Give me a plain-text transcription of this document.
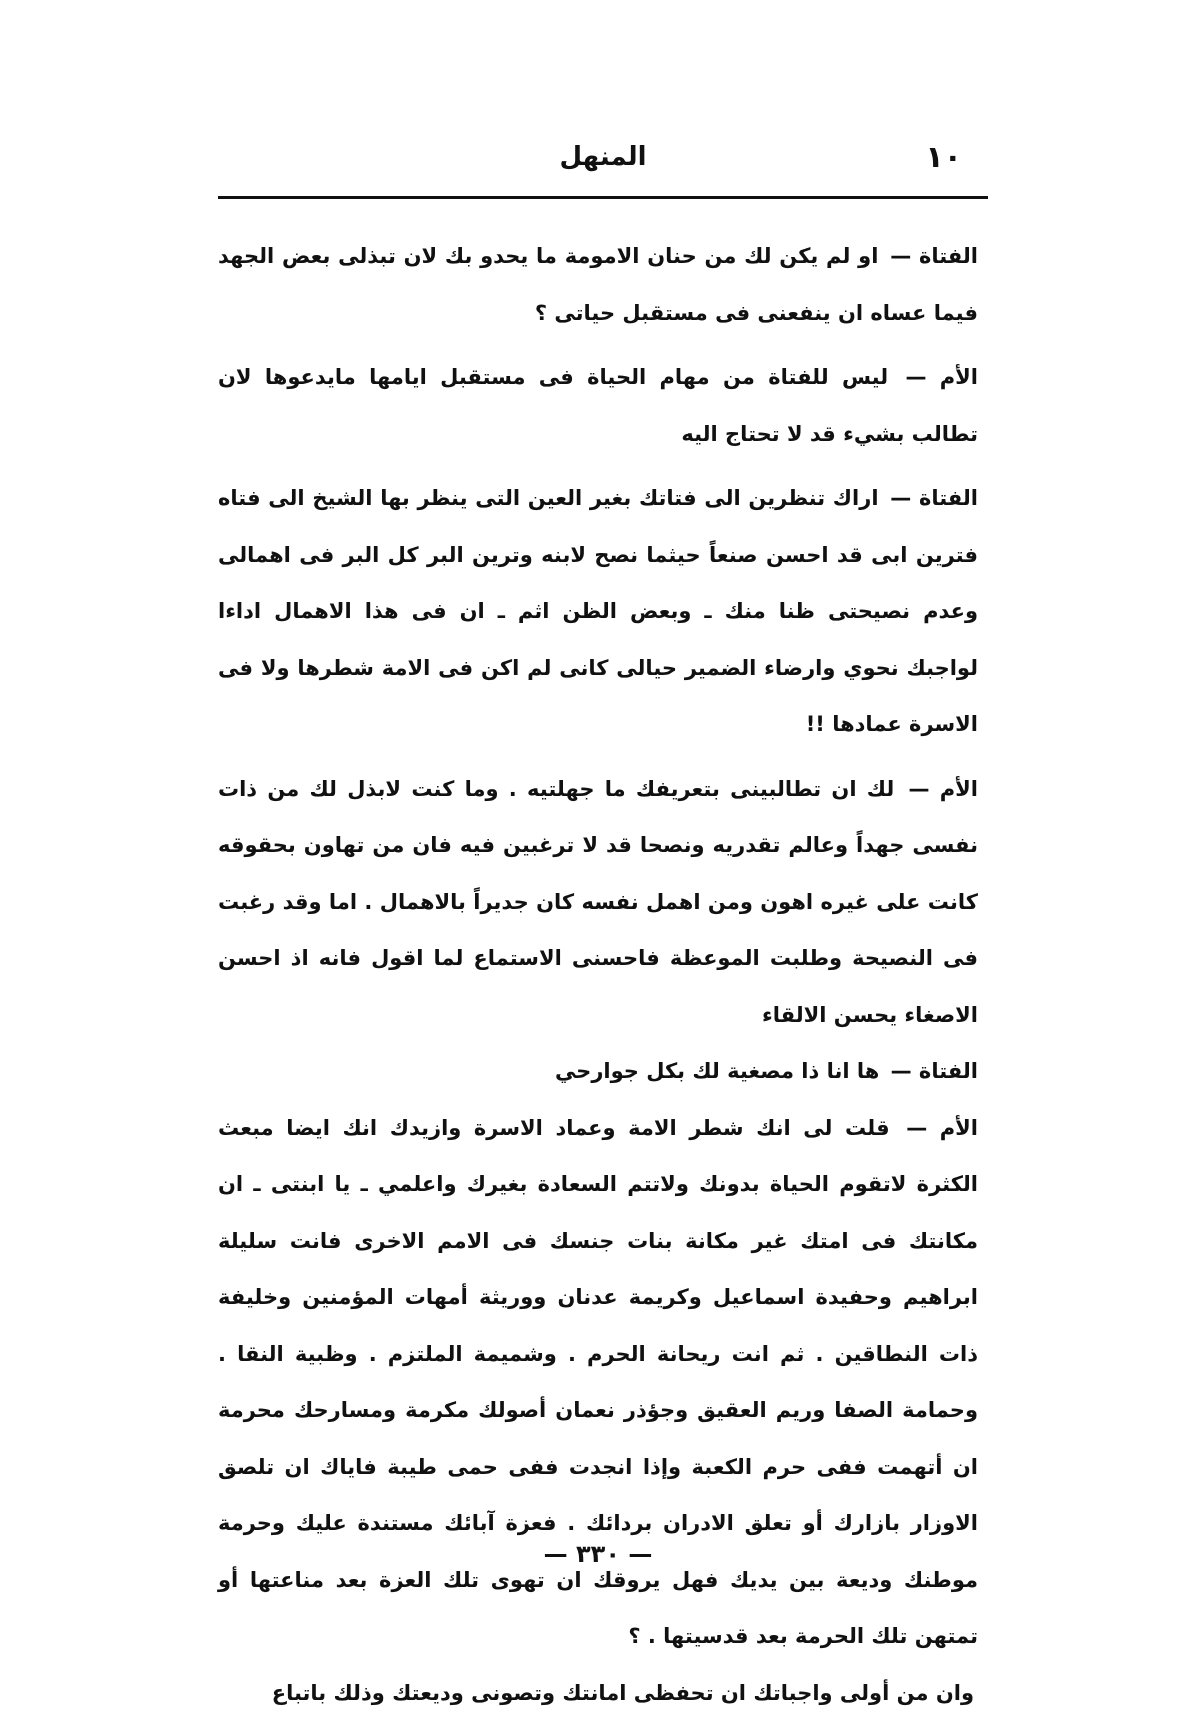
١٠
المنهل

الفتاة — او لم يكن لك من حنان الامومة ما يحدو بك لان تبذلى بعض الجهد فيما عساه ان ينفعنى فى مستقبل حياتى ؟

الأم — ليس للفتاة من مهام الحياة فى مستقبل ايامها مايدعوها لان تطالب بشيء قد لا تحتاج اليه

الفتاة — اراك تنظرين الى فتاتك بغير العين التى ينظر بها الشيخ الى فتاه فترين ابى قد احسن صنعاً حيثما نصح لابنه وترين البر كل البر فى اهمالى وعدم نصيحتى ظنا منك ـ وبعض الظن اثم ـ ان فى هذا الاهمال اداءا لواجبك نحوي وارضاء الضمير حيالى كانى لم اكن فى الامة شطرها ولا فى الاسرة عمادها !!

الأم — لك ان تطالبينى بتعريفك ما جهلتيه . وما كنت لابذل لك من ذات نفسى جهداً وعالم تقدريه ونصحا قد لا ترغبين فيه فان من تهاون بحقوقه كانت على غيره اهون ومن اهمل نفسه كان جديراً بالاهمال . اما وقد رغبت فى النصيحة وطلبت الموعظة فاحسنى الاستماع لما اقول فانه اذ احسن الاصغاء يحسن الالقاء

الفتاة — ها انا ذا مصغية لك بكل جوارحي

الأم — قلت لى انك شطر الامة وعماد الاسرة وازيدك انك ايضا مبعث الكثرة لاتقوم الحياة بدونك ولاتتم السعادة بغيرك واعلمي ـ يا ابنتى ـ ان مكانتك فى امتك غير مكانة بنات جنسك فى الامم الاخرى فانت سليلة ابراهيم وحفيدة اسماعيل وكريمة عدنان ووريثة أمهات المؤمنين وخليفة ذات النطاقين . ثم انت ريحانة الحرم . وشميمة الملتزم . وظبية النقا . وحمامة الصفا وريم العقيق وجؤذر نعمان أصولك مكرمة ومسارحك محرمة ان أتهمت ففى حرم الكعبة وإذا انجدت ففى حمى طيبة فاياك ان تلصق الاوزار بازارك أو تعلق الادران بردائك . فعزة آبائك مستندة عليك وحرمة موطنك وديعة بين يديك فهل يروقك ان تهوى تلك العزة بعد مناعتها أو تمتهن تلك الحرمة بعد قدسيتها . ؟

وان من أولى واجباتك ان تحفظى امانتك وتصونى وديعتك وذلك باتباع

— ٣٣٠ —
